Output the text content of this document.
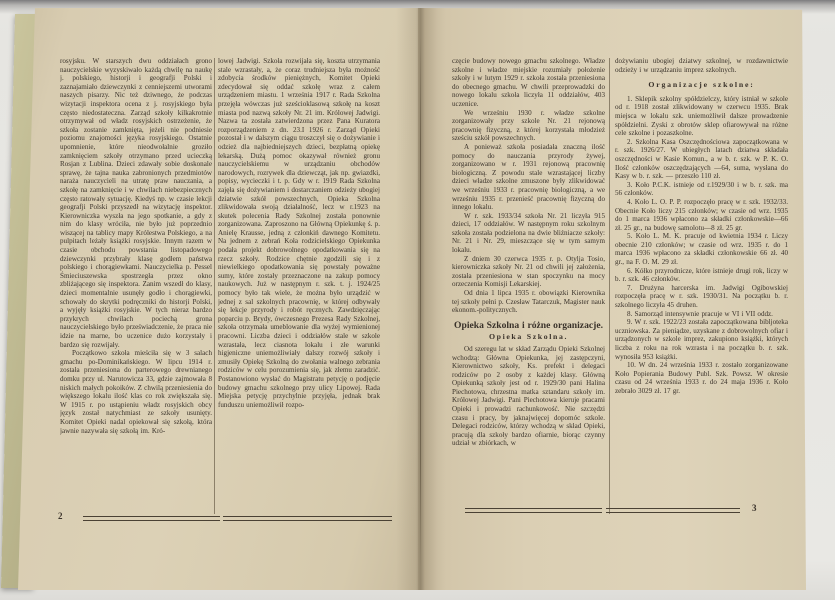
rosyjsku. W starszych dwu oddziałach grono nauczycielskie wyzyskiwało każdą chwilę na naukę j. polskiego, historji i geografji Polski i zaznajamiało dziewczynki z cenniejszemi utworami naszych pisarzy. Nic też dziwnego, że podczas wizytacji inspektora ocena z j. rosyjskiego była często niedostateczna. Zarząd szkoły kilkakrotnie otrzymywał od władz rosyjskich ostrzeżenie, że szkoła zostanie zamknięta, jeżeli nie podniesie poziomu znajomości języka rosyjskiego. Ostatnie upomnienie, które nieodwołalnie groziło zamknięciem szkoły otrzymano przed ucieczką Rosjan z Lublina. Dzieci zdawały sobie doskonale sprawę, że tajna nauka zabronionych przedmiotów naraża nauczycieli na utratę praw nauczania, a szkołę na zamknięcie i w chwilach niebezpiecznych często ratowały sytuację. Kiedyś np. w czasie lekcji geografji Polski przyszedł na wizytację inspektor. Kierowniczka wyszła na jego spotkanie, a gdy z nim do klasy wróciła, nie było już poprzednio wiszącej na tablicy mapy Królestwa Polskiego, a na pulpitach leżały książki rosyjskie. Innym razem w czasie obchodu powstania listopadowego dziewczynki przybrały klasę godłem państwa polskiego i chorągiewkami. Nauczycielka p. Pessel Śmieciuszewska spostrzegła przez okno zbliżającego się inspektora. Zanim wszedł do klasy, dzieci momentalnie usunęły godło i chorągiewki, schowały do skrytki podręczniki do historji Polski, a wyjęły książki rosyjskie. W tych nieraz bardzo przykrych chwilach pociechą grona nauczycielskiego było przeświadczenie, że praca nie idzie na marne, bo uczenice dużo korzystały i bardzo się rozwijały.

Początkowo szkoła mieściła się w 3 salach gmachu po-Dominikańskiego. W lipcu 1914 r. została przeniesiona do parterowego drewnianego domku przy ul. Narutowicza 33, gdzie zajmowała 8 niskich małych pokoików. Z chwilą przeniesienia do większego lokalu ilość klas co rok zwiększała się. W 1915 r. po ustąpieniu władz rosyjskich obcy język został natychmiast ze szkoły usunięty. Komitet Opieki nadal opiekował się szkołą, która jawnie nazywała się szkołą im. Kró-

lowej Jadwigi. Szkoła rozwijała się, koszta utrzymania stale wzrastały, a, że coraz trudniejsza była możność zdobycia środków pieniężnych, Komitet Opieki zdecydował się oddać szkołę wraz z całem urządzeniem miastu. 1 września 1917 r. Rada Szkolna przejęła wówczas już sześcioklasową szkołę na koszt miasta pod nazwą szkoły Nr. 21 im. Królowej Jadwigi. Nazwa ta została zatwierdzona przez Pana Kuratora rozporządzeniem z dn. 23.I 1926 r. Zarząd Opieki pozostał i w dalszym ciągu troszczył się o dożywianie i odzież dla najbiedniejszych dzieci, bezpłatną opiekę lekarską. Dużą pomoc okazywał również gronu nauczycielskiemu w urządzaniu obchodów narodowych, rozrywek dla dziewcząt, jak np. gwiazdki, popisy, wycieczki i t. p. Gdy w r. 1919 Rada Szkolna zajęła się dożywianiem i dostarczaniem odzieży ubogiej dziatwie szkół powszechnych, Opieka Szkolna zlikwidowała swoją działalność, lecz w r.1923 na skutek polecenia Rady Szkolnej została ponownie zorganizowana. Zaproszono na Główną Opiekunkę ś. p. Anielę Krausse, jedną z członkiń dawnego Komitetu. Na jednem z zebrań Koła rodzicielskiego Opiekunka podała projekt dobrowolnego opodatkowania się na rzecz szkoły. Rodzice chętnie zgodzili się i z niewielkiego opodatkowania się powstały poważne sumy, które zostały przeznaczone na zakup pomocy naukowych. Już w następnym r. szk. t. j. 1924/25 pomocy było tak wiele, że można było urządzić w jednej z sal szkolnych pracownię, w której odbywały się lekcje przyrody i robót ręcznych. Zawdzięczając poparciu p. Brydy, ówczesnego Prezesa Rady Szkolnej, szkoła otrzymała umeblowanie dla wyżej wymienionej pracowni. Liczba dzieci i oddziałów stale w szkole wzrastała, lecz ciasnota lokalu i złe warunki higjeniczne uniemożliwiały dalszy rozwój szkoły i zmusiły Opiekę Szkolną do zwołania walnego zebrania rodziców w celu porozumienia się, jak złemu zaradzić. Postanowiono wysłać do Magistratu petycję o podjęcie budowy gmachu szkolnego przy ulicy Lipowej. Rada Miejska petycję przychylnie przyjęła, jednak brak funduszu uniemożliwił rozpo-

częcie budowy nowego gmachu szkolnego. Władze szkolne i władze miejskie rozumiały położenie szkoły i w lutym 1929 r. szkoła została przeniesiona do obecnego gmachu. W chwili przeprowadzki do nowego lokalu szkoła liczyła 11 oddziałów, 403 uczenice.

We wrześniu 1930 r. władze szkolne zorganizowały przy szkole Nr. 21 rejonową pracownię fizyczną, z której korzystała młodzież sześciu szkół powszechnych.

A ponieważ szkoła posiadała znaczną ilość pomocy do nauczania przyrody żywej, zorganizowano w r. 1931 rejonową pracownię biologiczną. Z powodu stale wzrastającej liczby dzieci władze szkolne zmuszone były zlikwidować we wrześniu 1933 r. pracownię biologiczną, a we wrześniu 1935 r. przenieść pracownię fizyczną do innego lokalu.

W r. szk. 1933/34 szkoła Nr. 21 liczyła 915 dzieci, 17 oddziałów. W następnym roku szkolnym szkoła została podzielona na dwie bliźniacze szkoły: Nr. 21 i Nr. 29, mieszczące się w tym samym lokalu.

Z dniem 30 czerwca 1935 r. p. Otylja Tosio, kierowniczka szkoły Nr. 21 od chwili jej założenia, została przeniesiona w stan spoczynku na mocy orzeczenia Komisji Lekarskiej.

Od dnia 1 lipca 1935 r. obowiązki Kierownika tej szkoły pełni p. Czesław Tatarczuk, Magister nauk ekonom.-politycznych.

Opieka Szkolna i różne organizacje.

Opieka Szkolna.

Od szeregu lat w skład Zarządu Opieki Szkolnej wchodzą: Główna Opiekunka, jej zastępczyni, Kierownictwo szkoły, Ks. prefekt i delegaci rodziców po 2 osoby z każdej klasy. Główną Opiekunką szkoły jest od r. 1929/30 pani Halina Piechotowa, chrzestna matka sztandaru szkoły im. Królowej Jadwigi. Pani Piechotowa kieruje pracami Opieki i prowadzi rachunkowość. Nie szczędzi czasu i pracy, by jaknajwięcej dopomóc szkole. Delegaci rodziców, którzy wchodzą w skład Opieki, pracują dla szkoły bardzo ofiarnie, biorąc czynny udział w zbiórkach, w

dożywianiu ubogiej dziatwy szkolnej, w rozdawnictwie odzieży i w urządzaniu imprez szkolnych.

Organizacje szkolne:

1. Sklepik szkolny spółdzielczy, który istniał w szkole od r. 1918 został zlikwidowany w czerwcu 1935. Brak miejsca w lokalu szk. uniemożliwił dalsze prowadzenie spółdzielni. Zyski z obrotów sklep ofiarowywał na różne cele szkolne i pozaszkolne.

2. Szkolna Kasa Oszczędnościowa zapoczątkowana w r. szk. 1926/27. W ubiegłych latach dziatwa składała oszczędności w Kasie Komun., a w b. r. szk. w P. K. O. Ilość członków oszczędzających —64, suma, wysłana do Kasy w b. r. szk. — przeszło 110 zł.

3. Koło P.C.K. istnieje od r.1929/30 i w b. r. szk. ma 56 członków.

4. Koło L. O. P. P. rozpoczęło pracę w r. szk. 1932/33. Obecnie Koło liczy 215 członków; w czasie od wrz. 1935 do 1 marca 1936 wpłacono za składki członkowskie—66 zł. 25 gr., na budowę samolotu—8 zł. 25 gr.

5. Koło L. M. K. pracuje od kwietnia 1934 r. Liczy obecnie 210 członków; w czasie od wrz. 1935 r. do 1 marca 1936 wpłacono za składki członkowskie 66 zł. 40 gr., na F. O. M. 29 zł.

6. Kółko przyrodnicze, które istnieje drugi rok, liczy w b. r. szk. 46 członków.

7. Drużyna harcerska im. Jadwigi Ogibowskiej rozpoczęła pracę w r. szk. 1930/31. Na początku b. r. szkolnego liczyła 45 druhen.

8. Samorząd intensywnie pracuje w VI i VII oddz.

9. W r. szk. 1922/23 została zapoczątkowana bibljoteka uczniowska. Za pieniądze, uzyskane z dobrowolnych ofiar i urządzonych w szkole imprez, zakupiono książki, których liczba z roku na rok wzrasta i na początku b. r. szk. wynosiła 953 książki.

10. W dn. 24 września 1933 r. zostało zorganizowane Koło Popierania Budowy Publ. Szk. Powsz. W okresie czasu od 24 września 1933 r. do 24 maja 1936 r. Koło zebrało 3029 zł. 17 gr.

2
3
